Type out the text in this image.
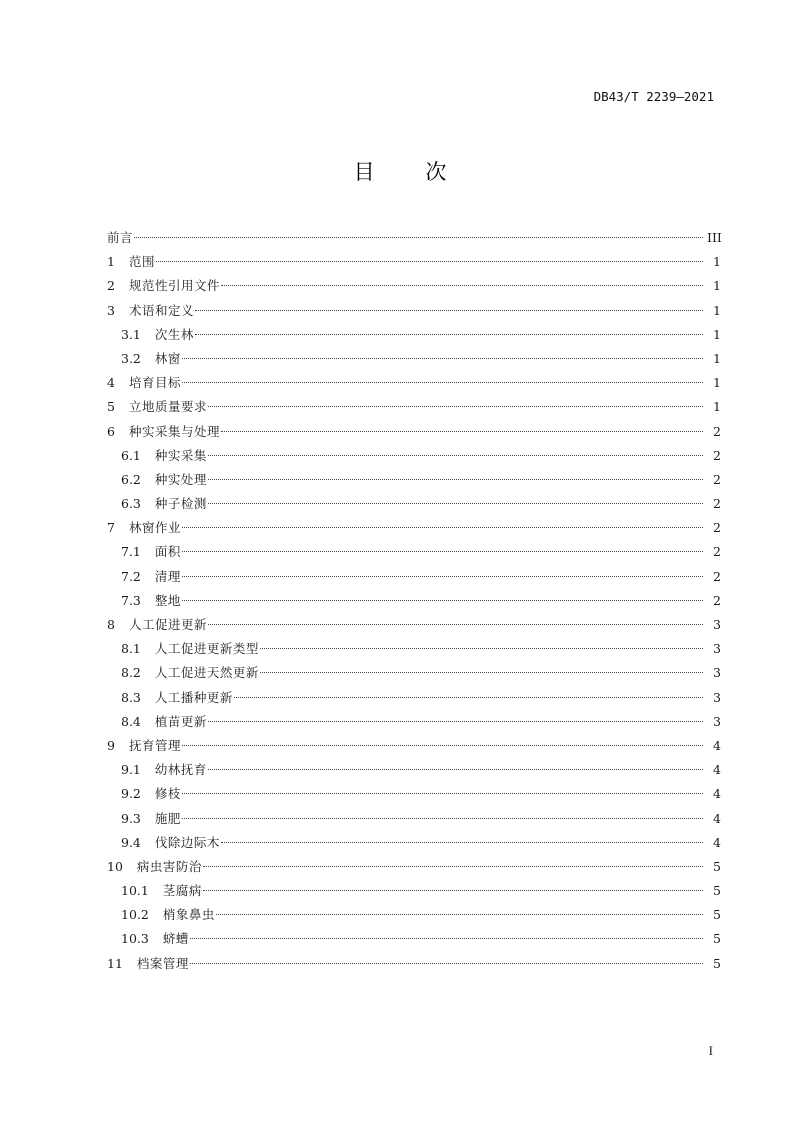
DB43/T 2239—2021
目 次
前言	III
1 范围	1
2 规范性引用文件	1
3 术语和定义	1
3.1 次生林	1
3.2 林窗	1
4 培育目标	1
5 立地质量要求	1
6 种实采集与处理	2
6.1 种实采集	2
6.2 种实处理	2
6.3 种子检测	2
7 林窗作业	2
7.1 面积	2
7.2 清理	2
7.3 整地	2
8 人工促进更新	3
8.1 人工促进更新类型	3
8.2 人工促进天然更新	3
8.3 人工播种更新	3
8.4 植苗更新	3
9 抚育管理	4
9.1 幼林抚育	4
9.2 修枝	4
9.3 施肥	4
9.4 伐除边际木	4
10 病虫害防治	5
10.1 茎腐病	5
10.2 梢象鼻虫	5
10.3 蛴螬	5
11 档案管理	5
I
